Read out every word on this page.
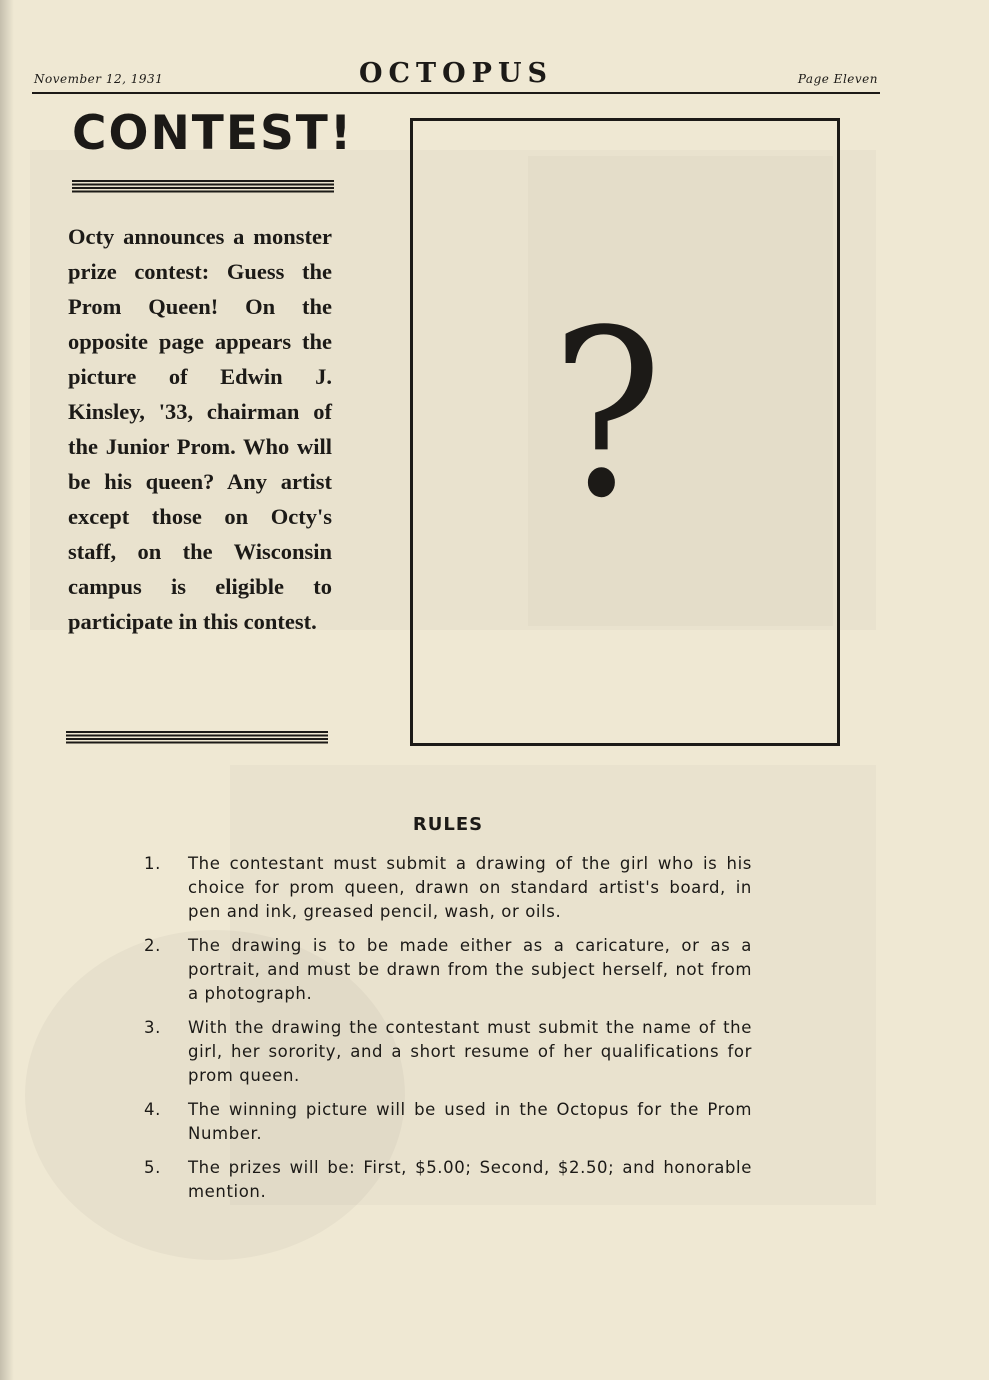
November 12, 1931	OCTOPUS	Page Eleven
CONTEST!

Octy announces a monster prize contest: Guess the Prom Queen! On the opposite page appears the picture of Edwin J. Kinsley, '33, chairman of the Junior Prom. Who will be his queen? Any artist except those on Octy's staff, on the Wisconsin campus is eligible to participate in this contest.

?
RULES
1. The contestant must submit a drawing of the girl who is his choice for prom queen, drawn on standard artist's board, in pen and ink, greased pencil, wash, or oils.
2. The drawing is to be made either as a caricature, or as a portrait, and must be drawn from the subject herself, not from a photograph.
3. With the drawing the contestant must submit the name of the girl, her sorority, and a short resume of her qualifications for prom queen.
4. The winning picture will be used in the Octopus for the Prom Number.
5. The prizes will be: First, $5.00; Second, $2.50; and honorable mention.
